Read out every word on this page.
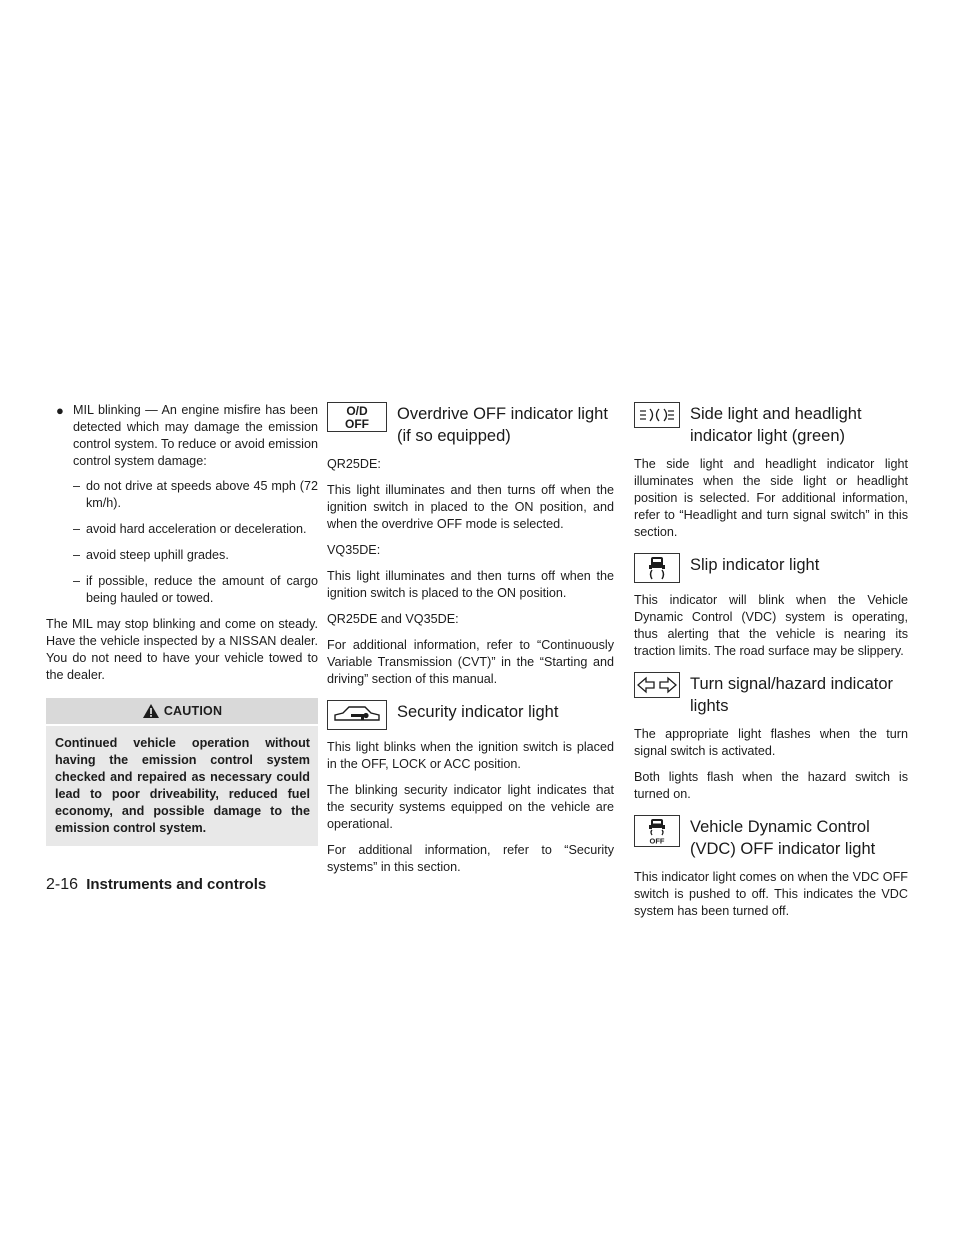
● MIL blinking — An engine misfire has been detected which may damage the emission control system. To reduce or avoid emission control system damage:
– do not drive at speeds above 45 mph (72 km/h).
– avoid hard acceleration or deceleration.
– avoid steep uphill grades.
– if possible, reduce the amount of cargo being hauled or towed.

The MIL may stop blinking and come on steady. Have the vehicle inspected by a NISSAN dealer. You do not need to have your vehicle towed to the dealer.

CAUTION
Continued vehicle operation without having the emission control system checked and repaired as necessary could lead to poor driveability, reduced fuel economy, and possible damage to the emission control system.
O/D
OFF
Overdrive OFF indicator light (if so equipped)

QR25DE:

This light illuminates and then turns off when the ignition switch in placed to the ON position, and when the overdrive OFF mode is selected.

VQ35DE:

This light illuminates and then turns off when the ignition switch is placed to the ON position.

QR25DE and VQ35DE:

For additional information, refer to “Continuously Variable Transmission (CVT)” in the “Starting and driving” section of this manual.

Security indicator light

This light blinks when the ignition switch is placed in the OFF, LOCK or ACC position.

The blinking security indicator light indicates that the security systems equipped on the vehicle are operational.

For additional information, refer to “Security systems” in this section.

Side light and headlight indicator light (green)

The side light and headlight indicator light illuminates when the side light or headlight position is selected. For additional information, refer to “Headlight and turn signal switch” in this section.

Slip indicator light

This indicator will blink when the Vehicle Dynamic Control (VDC) system is operating, thus alerting that the vehicle is nearing its traction limits. The road surface may be slippery.

Turn signal/hazard indicator lights

The appropriate light flashes when the turn signal switch is activated.

Both lights flash when the hazard switch is turned on.

OFF
Vehicle Dynamic Control (VDC) OFF indicator light

This indicator light comes on when the VDC OFF switch is pushed to off. This indicates the VDC system has been turned off.

2-16 Instruments and controls
